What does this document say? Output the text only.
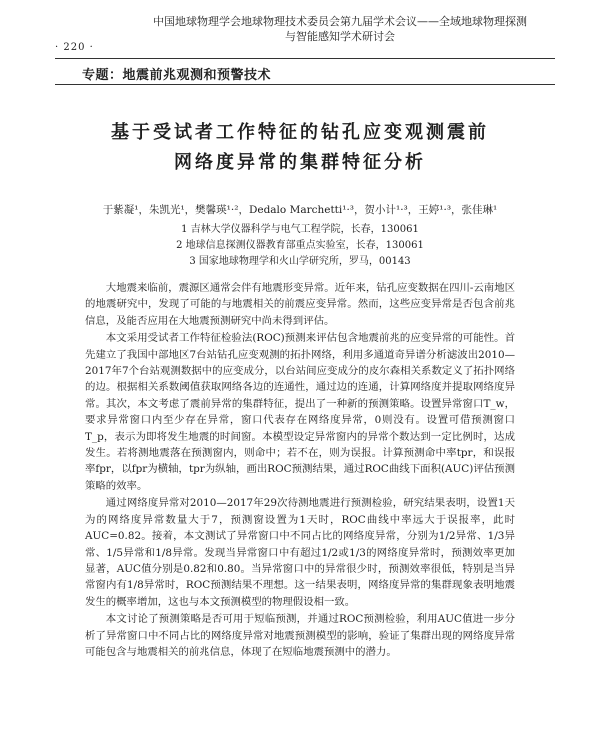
· 220 ·
中国地球物理学会地球物理技术委员会第九届学术会议——全域地球物理探测
与智能感知学术研讨会
专题：地震前兆观测和预警技术
基于受试者工作特征的钻孔应变观测震前
网络度异常的集群特征分析
于紫凝¹，朱凯光¹，樊馨瑛¹·²，Dedalo Marchetti¹·³，贺小计¹·³，王婷¹·³，张佳琳¹
1 吉林大学仪器科学与电气工程学院，长春，130061
2 地球信息探测仪器教育部重点实验室，长春，130061
3 国家地球物理学和火山学研究所，罗马，00143

大地震来临前，震源区通常会伴有地震形变异常。近年来，钻孔应变数据在四川-云南地区的地震研究中，发现了可能的与地震相关的前震应变异常。然而，这些应变异常是否包含前兆信息，及能否应用在大地震预测研究中尚未得到评估。

本文采用受试者工作特征检验法(ROC)预测来评估包含地震前兆的应变异常的可能性。首先建立了我国中部地区7台站钻孔应变观测的拓扑网络，利用多通道奇异谱分析滤波出2010—2017年7个台站观测数据中的应变成分，以台站间应变成分的皮尔森相关系数定义了拓扑网络的边。根据相关系数阈值获取网络各边的连通性，通过边的连通，计算网络度并提取网络度异常。其次，本文考虑了震前异常的集群特征，提出了一种新的预测策略。设置异常窗口T_w，要求异常窗口内至少存在异常，窗口代表存在网络度异常，0则没有。设置可借预测窗口T_p，表示为即将发生地震的时间窗。本模型设定异常窗内的异常个数达到一定比例时，达成发生。若将测地震落在预测窗内，则命中；若不在，则为误报。计算预测命中率tpr，和误报率fpr，以fpr为横轴，tpr为纵轴，画出ROC预测结果，通过ROC曲线下面积(AUC)评估预测策略的效率。

通过网络度异常对2010—2017年29次待测地震进行预测检验，研究结果表明，设置1天为的网络度异常数量大于7，预测窗设置为1天时，ROC曲线中率远大于误报率，此时AUC=0.82。接着，本文测试了异常窗口中不同占比的网络度异常，分别为1/2异常、1/3异常、1/5异常和1/8异常。发现当异常窗口中有超过1/2或1/3的网络度异常时，预测效率更加显著，AUC值分别是0.82和0.80。当异常窗口中的异常很少时，预测效率很低，特别是当异常窗内有1/8异常时，ROC预测结果不理想。这一结果表明，网络度异常的集群现象表明地震发生的概率增加，这也与本文预测模型的物理假设相一致。

本文讨论了预测策略是否可用于短临预测，并通过ROC预测检验，利用AUC值进一步分析了异常窗口中不同占比的网络度异常对地震预测模型的影响，验证了集群出现的网络度异常可能包含与地震相关的前兆信息，体现了在短临地震预测中的潜力。
